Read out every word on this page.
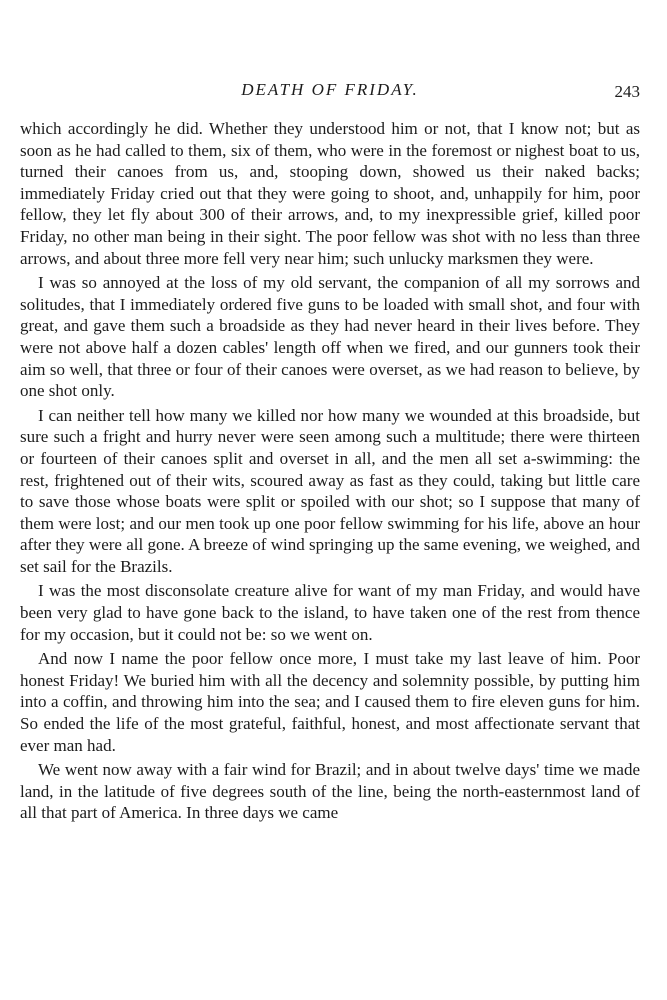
DEATH OF FRIDAY.	243

which accordingly he did. Whether they understood him or not, that I know not; but as soon as he had called to them, six of them, who were in the foremost or nighest boat to us, turned their canoes from us, and, stooping down, showed us their naked backs; immediately Friday cried out that they were going to shoot, and, unhappily for him, poor fellow, they let fly about 300 of their arrows, and, to my inexpressible grief, killed poor Friday, no other man being in their sight. The poor fellow was shot with no less than three arrows, and about three more fell very near him; such unlucky marksmen they were.

I was so annoyed at the loss of my old servant, the companion of all my sorrows and solitudes, that I immediately ordered five guns to be loaded with small shot, and four with great, and gave them such a broadside as they had never heard in their lives before. They were not above half a dozen cables' length off when we fired, and our gunners took their aim so well, that three or four of their canoes were overset, as we had reason to believe, by one shot only.

I can neither tell how many we killed nor how many we wounded at this broadside, but sure such a fright and hurry never were seen among such a multitude; there were thirteen or fourteen of their canoes split and overset in all, and the men all set a-swimming: the rest, frightened out of their wits, scoured away as fast as they could, taking but little care to save those whose boats were split or spoiled with our shot; so I suppose that many of them were lost; and our men took up one poor fellow swimming for his life, above an hour after they were all gone. A breeze of wind springing up the same evening, we weighed, and set sail for the Brazils.

I was the most disconsolate creature alive for want of my man Friday, and would have been very glad to have gone back to the island, to have taken one of the rest from thence for my occasion, but it could not be: so we went on.

And now I name the poor fellow once more, I must take my last leave of him. Poor honest Friday! We buried him with all the decency and solemnity possible, by putting him into a coffin, and throwing him into the sea; and I caused them to fire eleven guns for him. So ended the life of the most grateful, faithful, honest, and most affectionate servant that ever man had.

We went now away with a fair wind for Brazil; and in about twelve days' time we made land, in the latitude of five degrees south of the line, being the north-easternmost land of all that part of America. In three days we came
